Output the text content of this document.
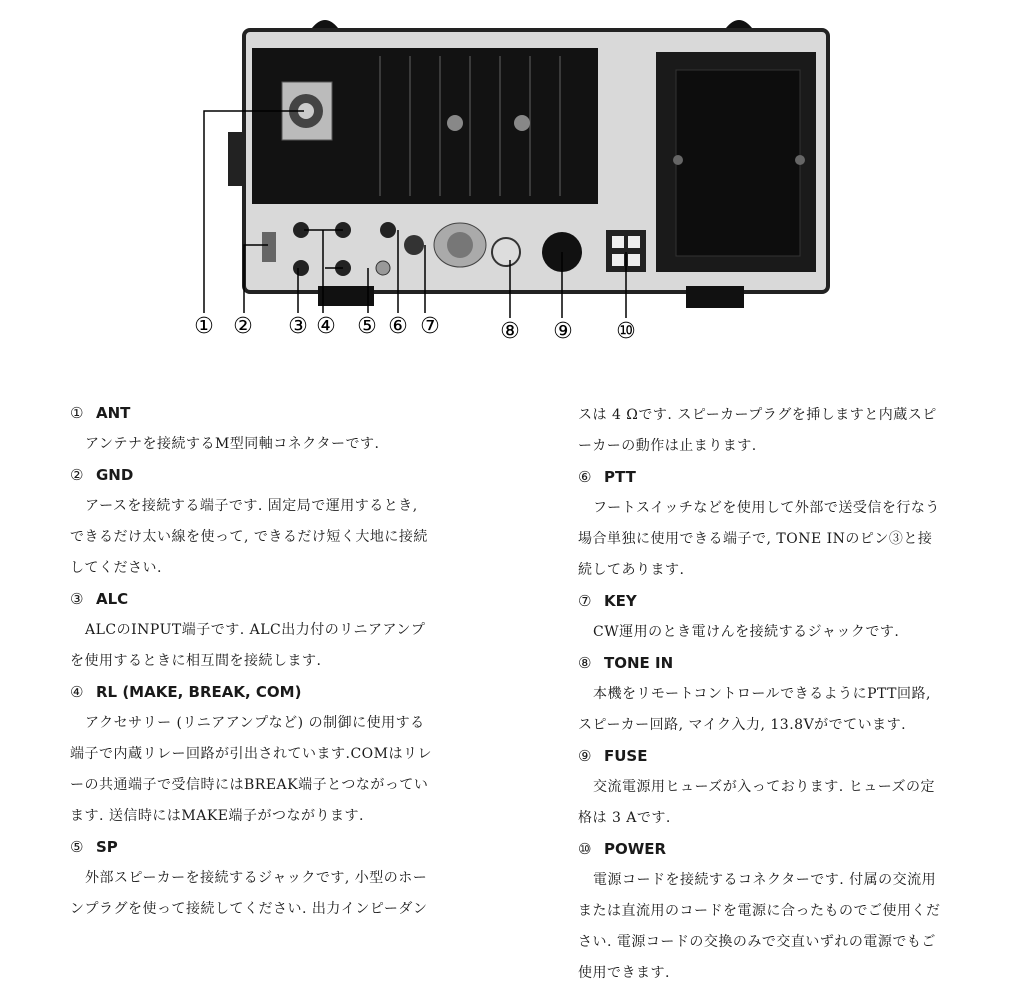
① ② ③ ④ ⑤ ⑥ ⑦	⑧ ⑨ ⑩
① ANT
アンテナを接続するM型同軸コネクターです.
② GND
アースを接続する端子です. 固定局で運用するとき,
できるだけ太い線を使って, できるだけ短く大地に接続
してください.
③ ALC
ALCのINPUT端子です. ALC出力付のリニアアンプ
を使用するときに相互間を接続します.
④ RL (MAKE, BREAK, COM)
アクセサリー (リニアアンプなど) の制御に使用する
端子で内蔵リレー回路が引出されています.COMはリレ
ーの共通端子で受信時にはBREAK端子とつながってい
ます. 送信時にはMAKE端子がつながります.
⑤ SP
外部スピーカーを接続するジャックです, 小型のホー
ンプラグを使って接続してください. 出力インピーダン
スは 4 Ωです. スピーカープラグを挿しますと内蔵スピ
ーカーの動作は止まります.
⑥ PTT
フートスイッチなどを使用して外部で送受信を行なう
場合単独に使用できる端子で, TONE INのピン③と接
続してあります.
⑦ KEY
CW運用のとき電けんを接続するジャックです.
⑧ TONE IN
本機をリモートコントロールできるようにPTT回路,
スピーカー回路, マイク入力, 13.8Vがでています.
⑨ FUSE
交流電源用ヒューズが入っております. ヒューズの定
格は 3 Aです.
⑩ POWER
電源コードを接続するコネクターです. 付属の交流用
または直流用のコードを電源に合ったものでご使用くだ
さい. 電源コードの交換のみで交直いずれの電源でもご
使用できます.
